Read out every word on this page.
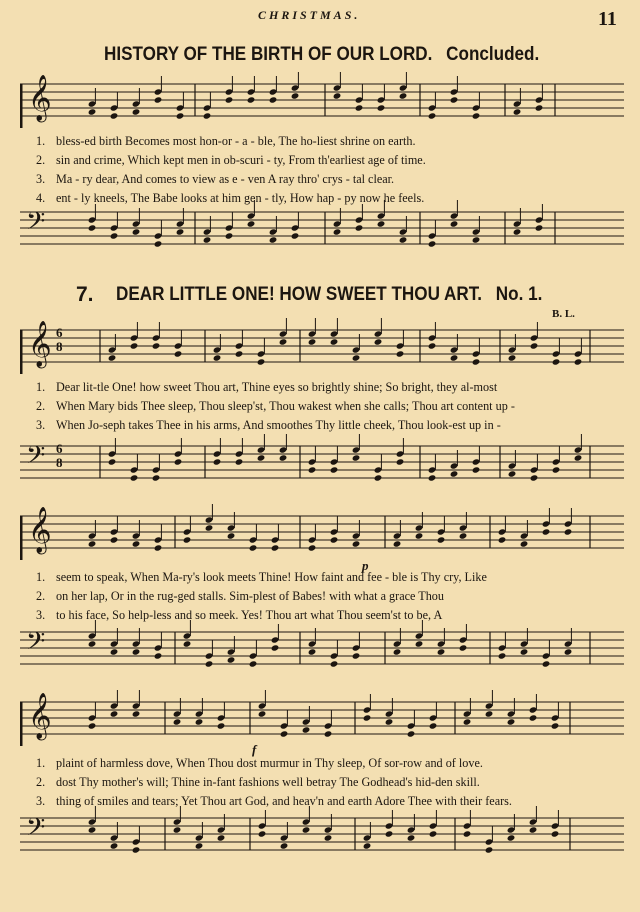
CHRISTMAS.	11
HISTORY OF THE BIRTH OF OUR LORD. Concluded.
𝄞
1. bless-ed birth Becomes most hon-or - a - ble, The ho-liest shrine on earth.
2. sin and crime, Which kept men in ob-scuri - ty, From th'earliest age of time.
3. Ma - ry dear, And comes to view as e - ven A ray thro' crys - tal clear.
4. ent - ly kneels, The Babe looks at him gen - tly, How hap - py now he feels.
𝄢
7. DEAR LITTLE ONE! HOW SWEET THOU ART. No. 1.
B. L.
𝄞 6
8
1. Dear lit-tle One! how sweet Thou art, Thine eyes so brightly shine; So bright, they al-most
2. When Mary bids Thee sleep, Thou sleep'st, Thou wakest when she calls; Thou art content up -
3. When Jo-seph takes Thee in his arms, And smoothes Thy little cheek, Thou look-est up in -
𝄢 6
8
𝄞
p
1. seem to speak, When Ma-ry's look meets Thine! How faint and fee - ble is Thy cry, Like
2. on her lap, Or in the rug-ged stalls. Sim-plest of Babes! with what a grace Thou
3. to his face, So help-less and so meek. Yes! Thou art what Thou seem'st to be, A
𝄢
𝄞
f
1. plaint of harmless dove, When Thou dost murmur in Thy sleep, Of sor-row and of love.
2. dost Thy mother's will; Thine in-fant fashions well betray The Godhead's hid-den skill.
3. thing of smiles and tears; Yet Thou art God, and heav'n and earth Adore Thee with their fears.
𝄢
